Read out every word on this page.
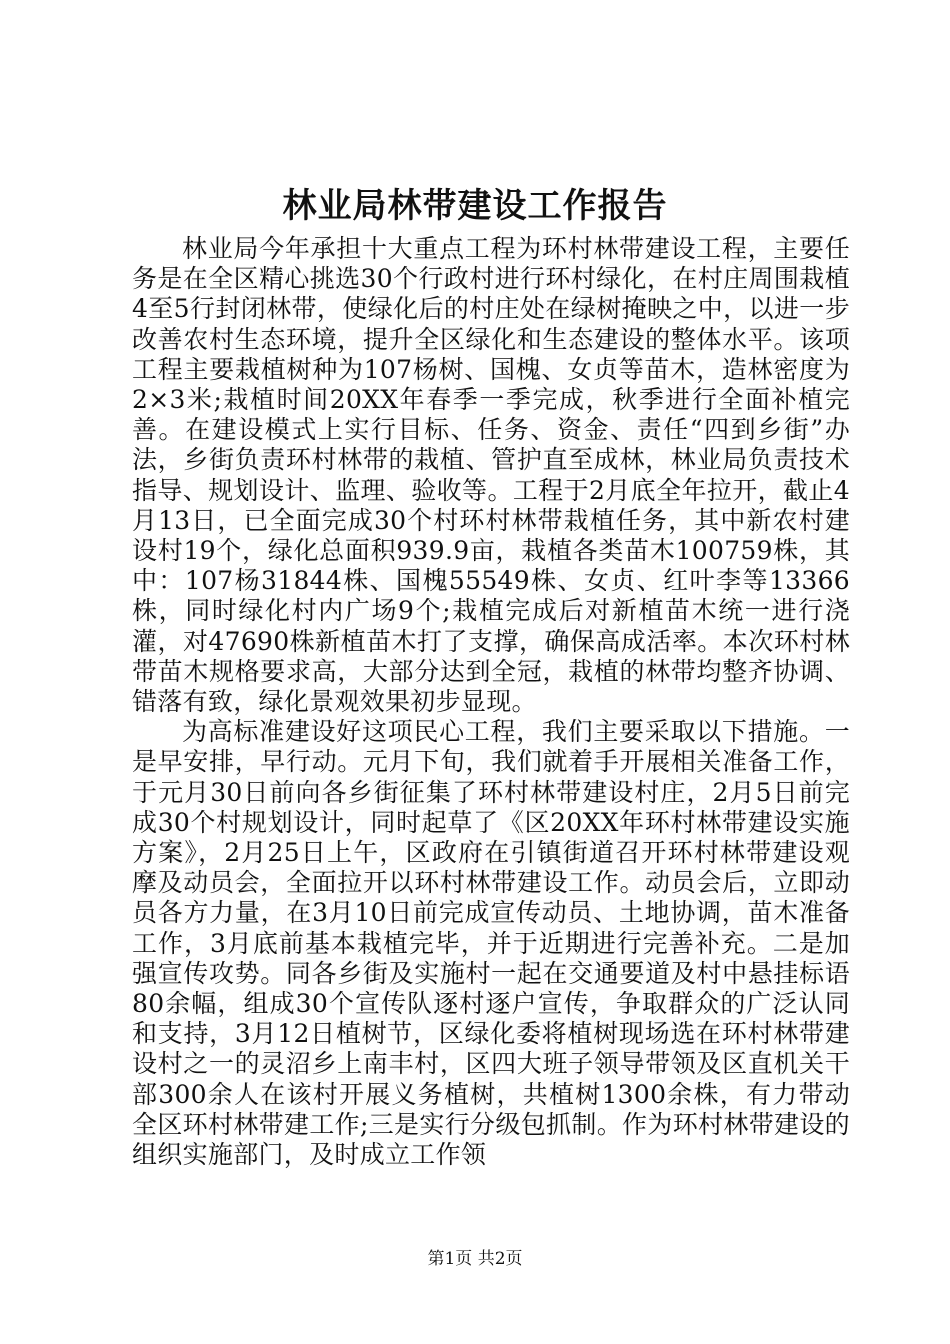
林业局林带建设工作报告

林业局今年承担十大重点工程为环村林带建设工程，主要任务是在全区精心挑选30个行政村进行环村绿化，在村庄周围栽植4至5行封闭林带，使绿化后的村庄处在绿树掩映之中，以进一步改善农村生态环境，提升全区绿化和生态建设的整体水平。该项工程主要栽植树种为107杨树、国槐、女贞等苗木，造林密度为2×3米;栽植时间20XX年春季一季完成，秋季进行全面补植完善。在建设模式上实行目标、任务、资金、责任“四到乡街”办法，乡街负责环村林带的栽植、管护直至成林，林业局负责技术指导、规划设计、监理、验收等。工程于2月底全年拉开，截止4月13日，已全面完成30个村环村林带栽植任务，其中新农村建设村19个，绿化总面积939.9亩，栽植各类苗木100759株，其中：107杨31844株、国槐55549株、女贞、红叶李等13366株，同时绿化村内广场9个;栽植完成后对新植苗木统一进行浇灌，对47690株新植苗木打了支撑，确保高成活率。本次环村林带苗木规格要求高，大部分达到全冠，栽植的林带均整齐协调、错落有致，绿化景观效果初步显现。

为高标准建设好这项民心工程，我们主要采取以下措施。一是早安排，早行动。元月下旬，我们就着手开展相关准备工作，于元月30日前向各乡街征集了环村林带建设村庄，2月5日前完成30个村规划设计，同时起草了《区20XX年环村林带建设实施方案》，2月25日上午，区政府在引镇街道召开环村林带建设观摩及动员会，全面拉开以环村林带建设工作。动员会后，立即动员各方力量，在3月10日前完成宣传动员、土地协调，苗木准备工作，3月底前基本栽植完毕，并于近期进行完善补充。二是加强宣传攻势。同各乡街及实施村一起在交通要道及村中悬挂标语80余幅，组成30个宣传队逐村逐户宣传，争取群众的广泛认同和支持，3月12日植树节，区绿化委将植树现场选在环村林带建设村之一的灵沼乡上南丰村，区四大班子领导带领及区直机关干部300余人在该村开展义务植树，共植树1300余株，有力带动全区环村林带建工作;三是实行分级包抓制。作为环村林带建设的组织实施部门，及时成立工作领

第1页 共2页
